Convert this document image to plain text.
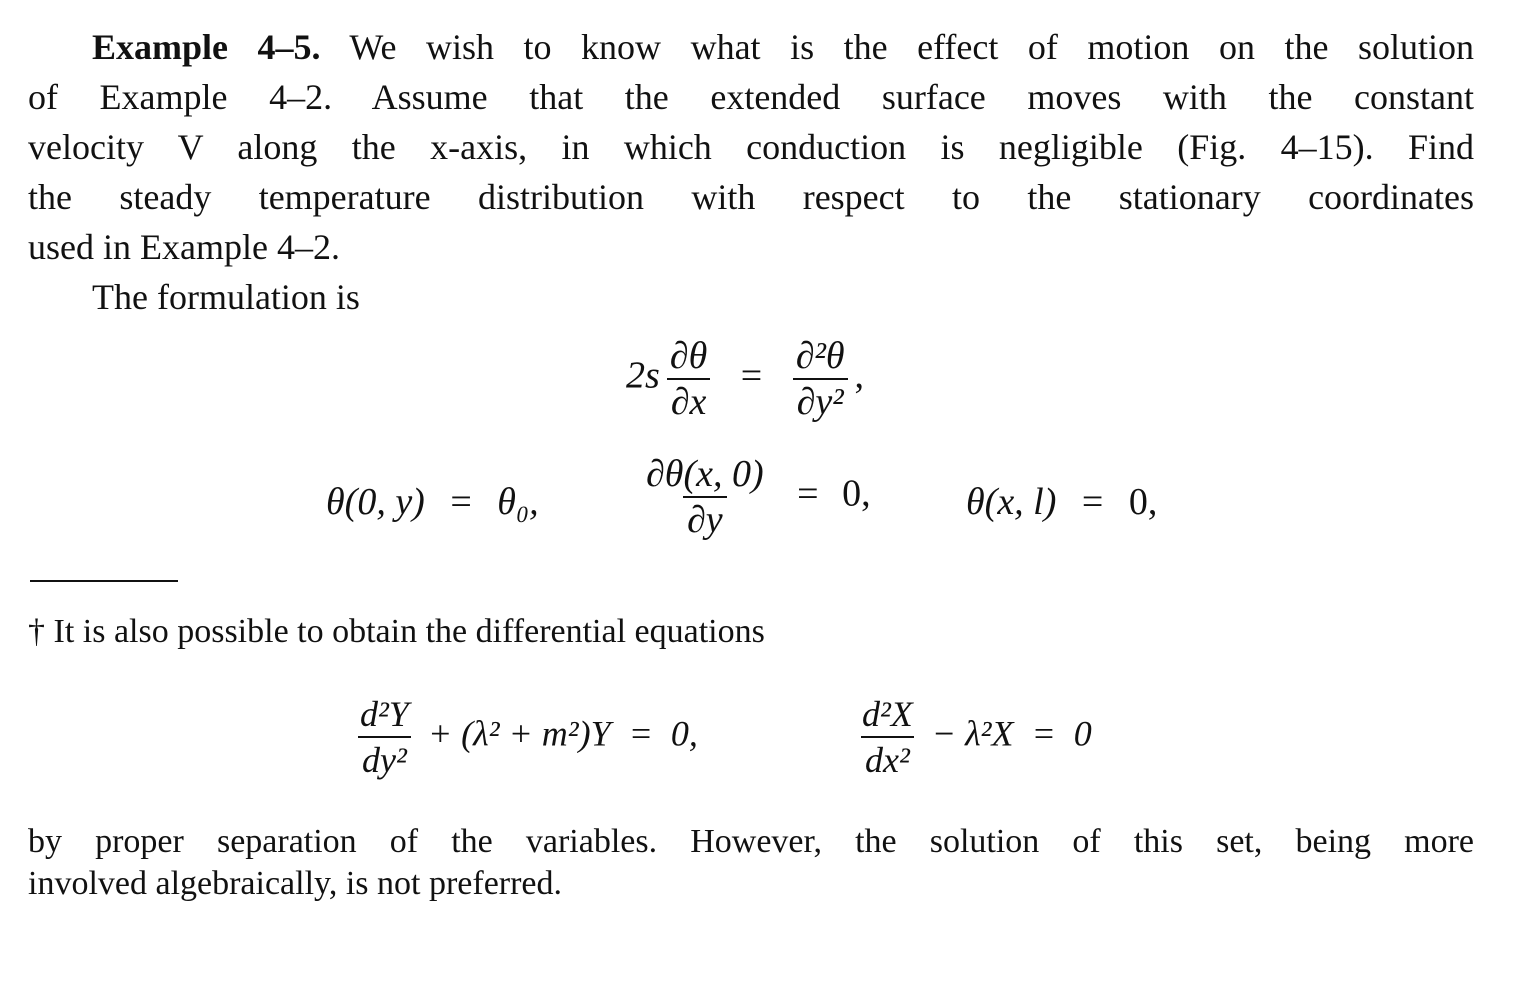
Example 4–5. We wish to know what is the effect of motion on the solution
of Example 4–2. Assume that the extended surface moves with the constant
velocity V along the x-axis, in which conduction is negligible (Fig. 4–15). Find
the steady temperature distribution with respect to the stationary coordinates
used in Example 4–2.
The formulation is
$2s \frac{\partial\theta}{\partial x} = \frac{\text{∂²θ}}{\text{∂y²}}$ ,
θ(0, y) = θ₀,	$\frac{\partial\theta(x, 0)}{\partial y} = 0$,	θ(x, l) = 0,
† It is also possible to obtain the differential equations
$\frac{\text{d²Y}}{\text{dy²}} + (\lambda^2 + m^2)Y = 0$,	$\frac{\text{d²X}}{\text{dx²}} - \lambda^2X = 0$
by proper separation of the variables. However, the solution of this set, being more
involved algebraically, is not preferred.
